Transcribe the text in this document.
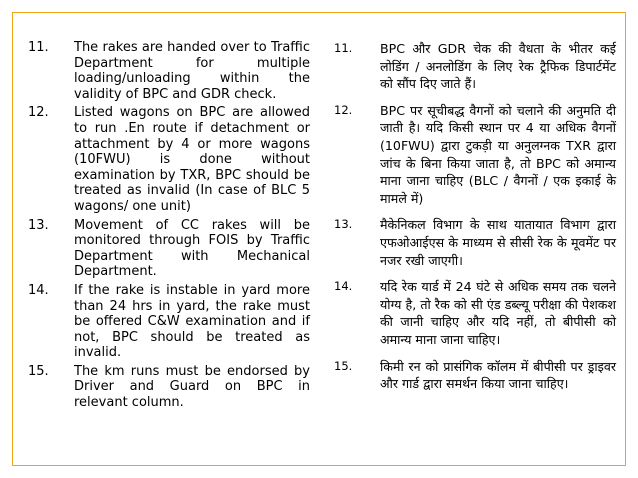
11.	The rakes are handed over to Traffic Department for multiple loading/unloading within the validity of BPC and GDR check.
12.	Listed wagons on BPC are allowed to run .En route if detachment or attachment by 4 or more wagons (10FWU) is done without examination by TXR, BPC should be treated as invalid (In case of BLC 5 wagons/ one unit)
13.	Movement of CC rakes will be monitored through FOIS by Traffic Department with Mechanical Department.
14.	If the rake is instable in yard more than 24 hrs in yard, the rake must be offered C&W examination and if not, BPC should be treated as invalid.
15.	The km runs must be endorsed by Driver and Guard on BPC in relevant column.
11.	BPC और GDR चेक की वैधता के भीतर कई लोडिंग / अनलोडिंग के लिए रेक ट्रैफिक डिपार्टमेंट को सौंप दिए जाते हैं।
12.	BPC पर सूचीबद्ध वैगनों को चलाने की अनुमति दी जाती है। यदि किसी स्थान पर 4 या अधिक वैगनों (10FWU) द्वारा टुकड़ी या अनुलग्नक TXR द्वारा जांच के बिना किया जाता है, तो BPC को अमान्य माना जाना चाहिए (BLC / वैगनों / एक इकाई के मामले में)
13.	मैकेनिकल विभाग के साथ यातायात विभाग द्वारा एफओआईएस के माध्यम से सीसी रेक के मूवमेंट पर नजर रखी जाएगी।
14.	यदि रेक यार्ड में 24 घंटे से अधिक समय तक चलने योग्य है, तो रैक को सी एंड डब्ल्यू परीक्षा की पेशकश की जानी चाहिए और यदि नहीं, तो बीपीसी को अमान्य माना जाना चाहिए।
15.	किमी रन को प्रासंगिक कॉलम में बीपीसी पर ड्राइवर और गार्ड द्वारा समर्थन किया जाना चाहिए।
